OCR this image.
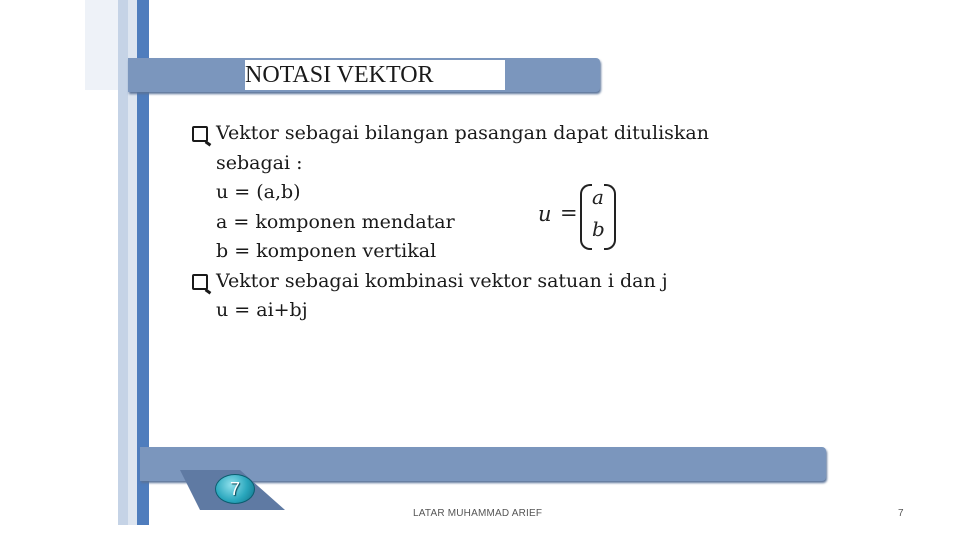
NOTASI VEKTOR
7
Vektor sebagai bilangan pasangan dapat dituliskan
sebagai :
u = (a,b)
a = komponen mendatar
b = komponen vertikal
Vektor sebagai kombinasi vektor satuan i dan j
u = ai+bj
u =
a
b
LATAR MUHAMMAD ARIEF	7
